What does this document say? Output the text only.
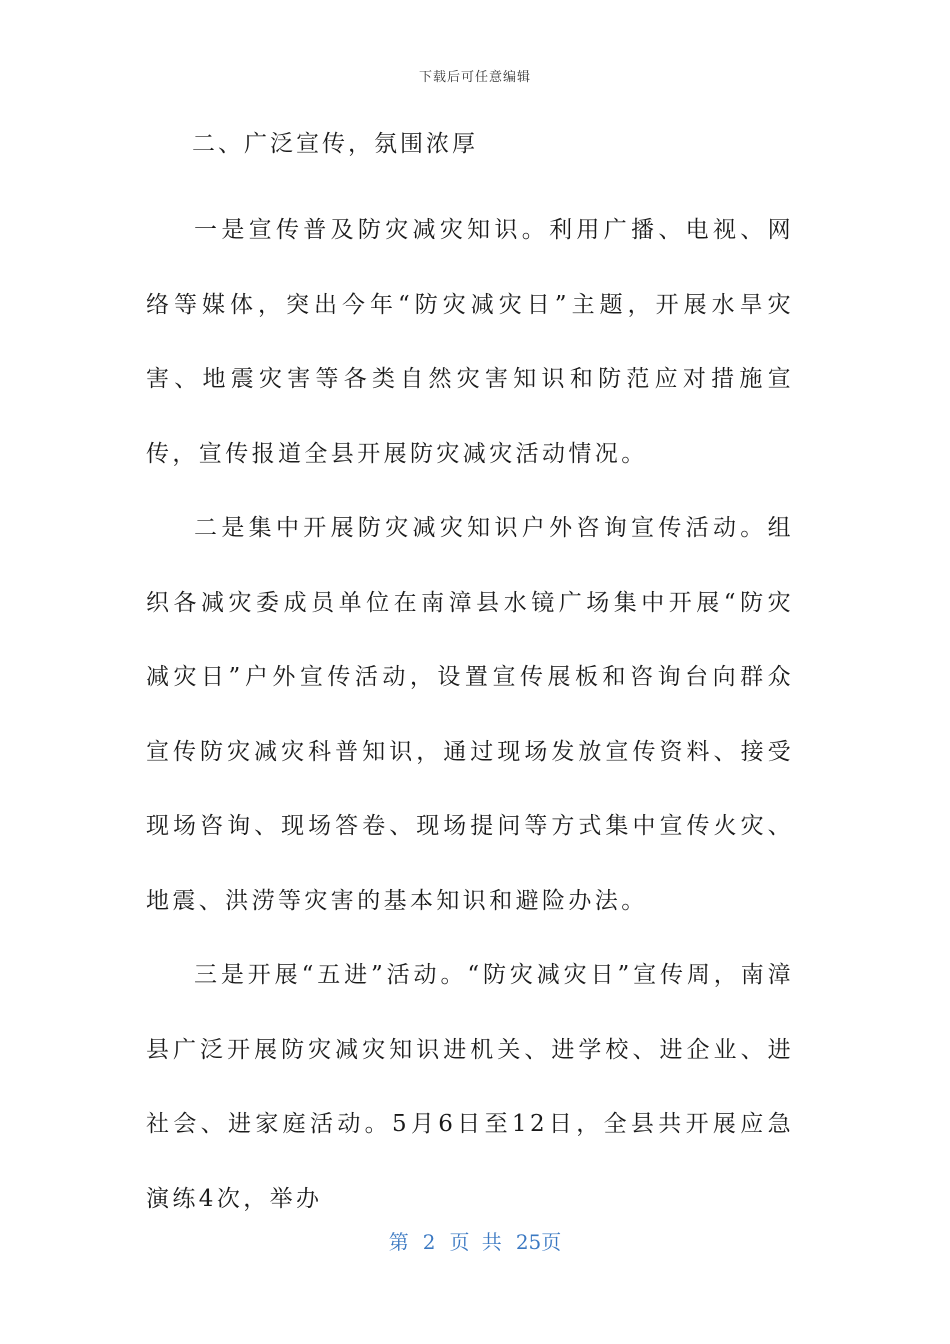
下载后可任意编辑

二、广泛宣传，氛围浓厚

一是宣传普及防灾减灾知识。利用广播、电视、网络等媒体，突出今年“防灾减灾日”主题，开展水旱灾害、地震灾害等各类自然灾害知识和防范应对措施宣传，宣传报道全县开展防灾减灾活动情况。

二是集中开展防灾减灾知识户外咨询宣传活动。组织各减灾委成员单位在南漳县水镜广场集中开展“防灾减灾日”户外宣传活动，设置宣传展板和咨询台向群众宣传防灾减灾科普知识，通过现场发放宣传资料、接受现场咨询、现场答卷、现场提问等方式集中宣传火灾、地震、洪涝等灾害的基本知识和避险办法。

三是开展“五进”活动。“防灾减灾日”宣传周，南漳县广泛开展防灾减灾知识进机关、进学校、进企业、进社会、进家庭活动。5月6日至12日，全县共开展应急演练4次，举办

第 2 页 共 25页
